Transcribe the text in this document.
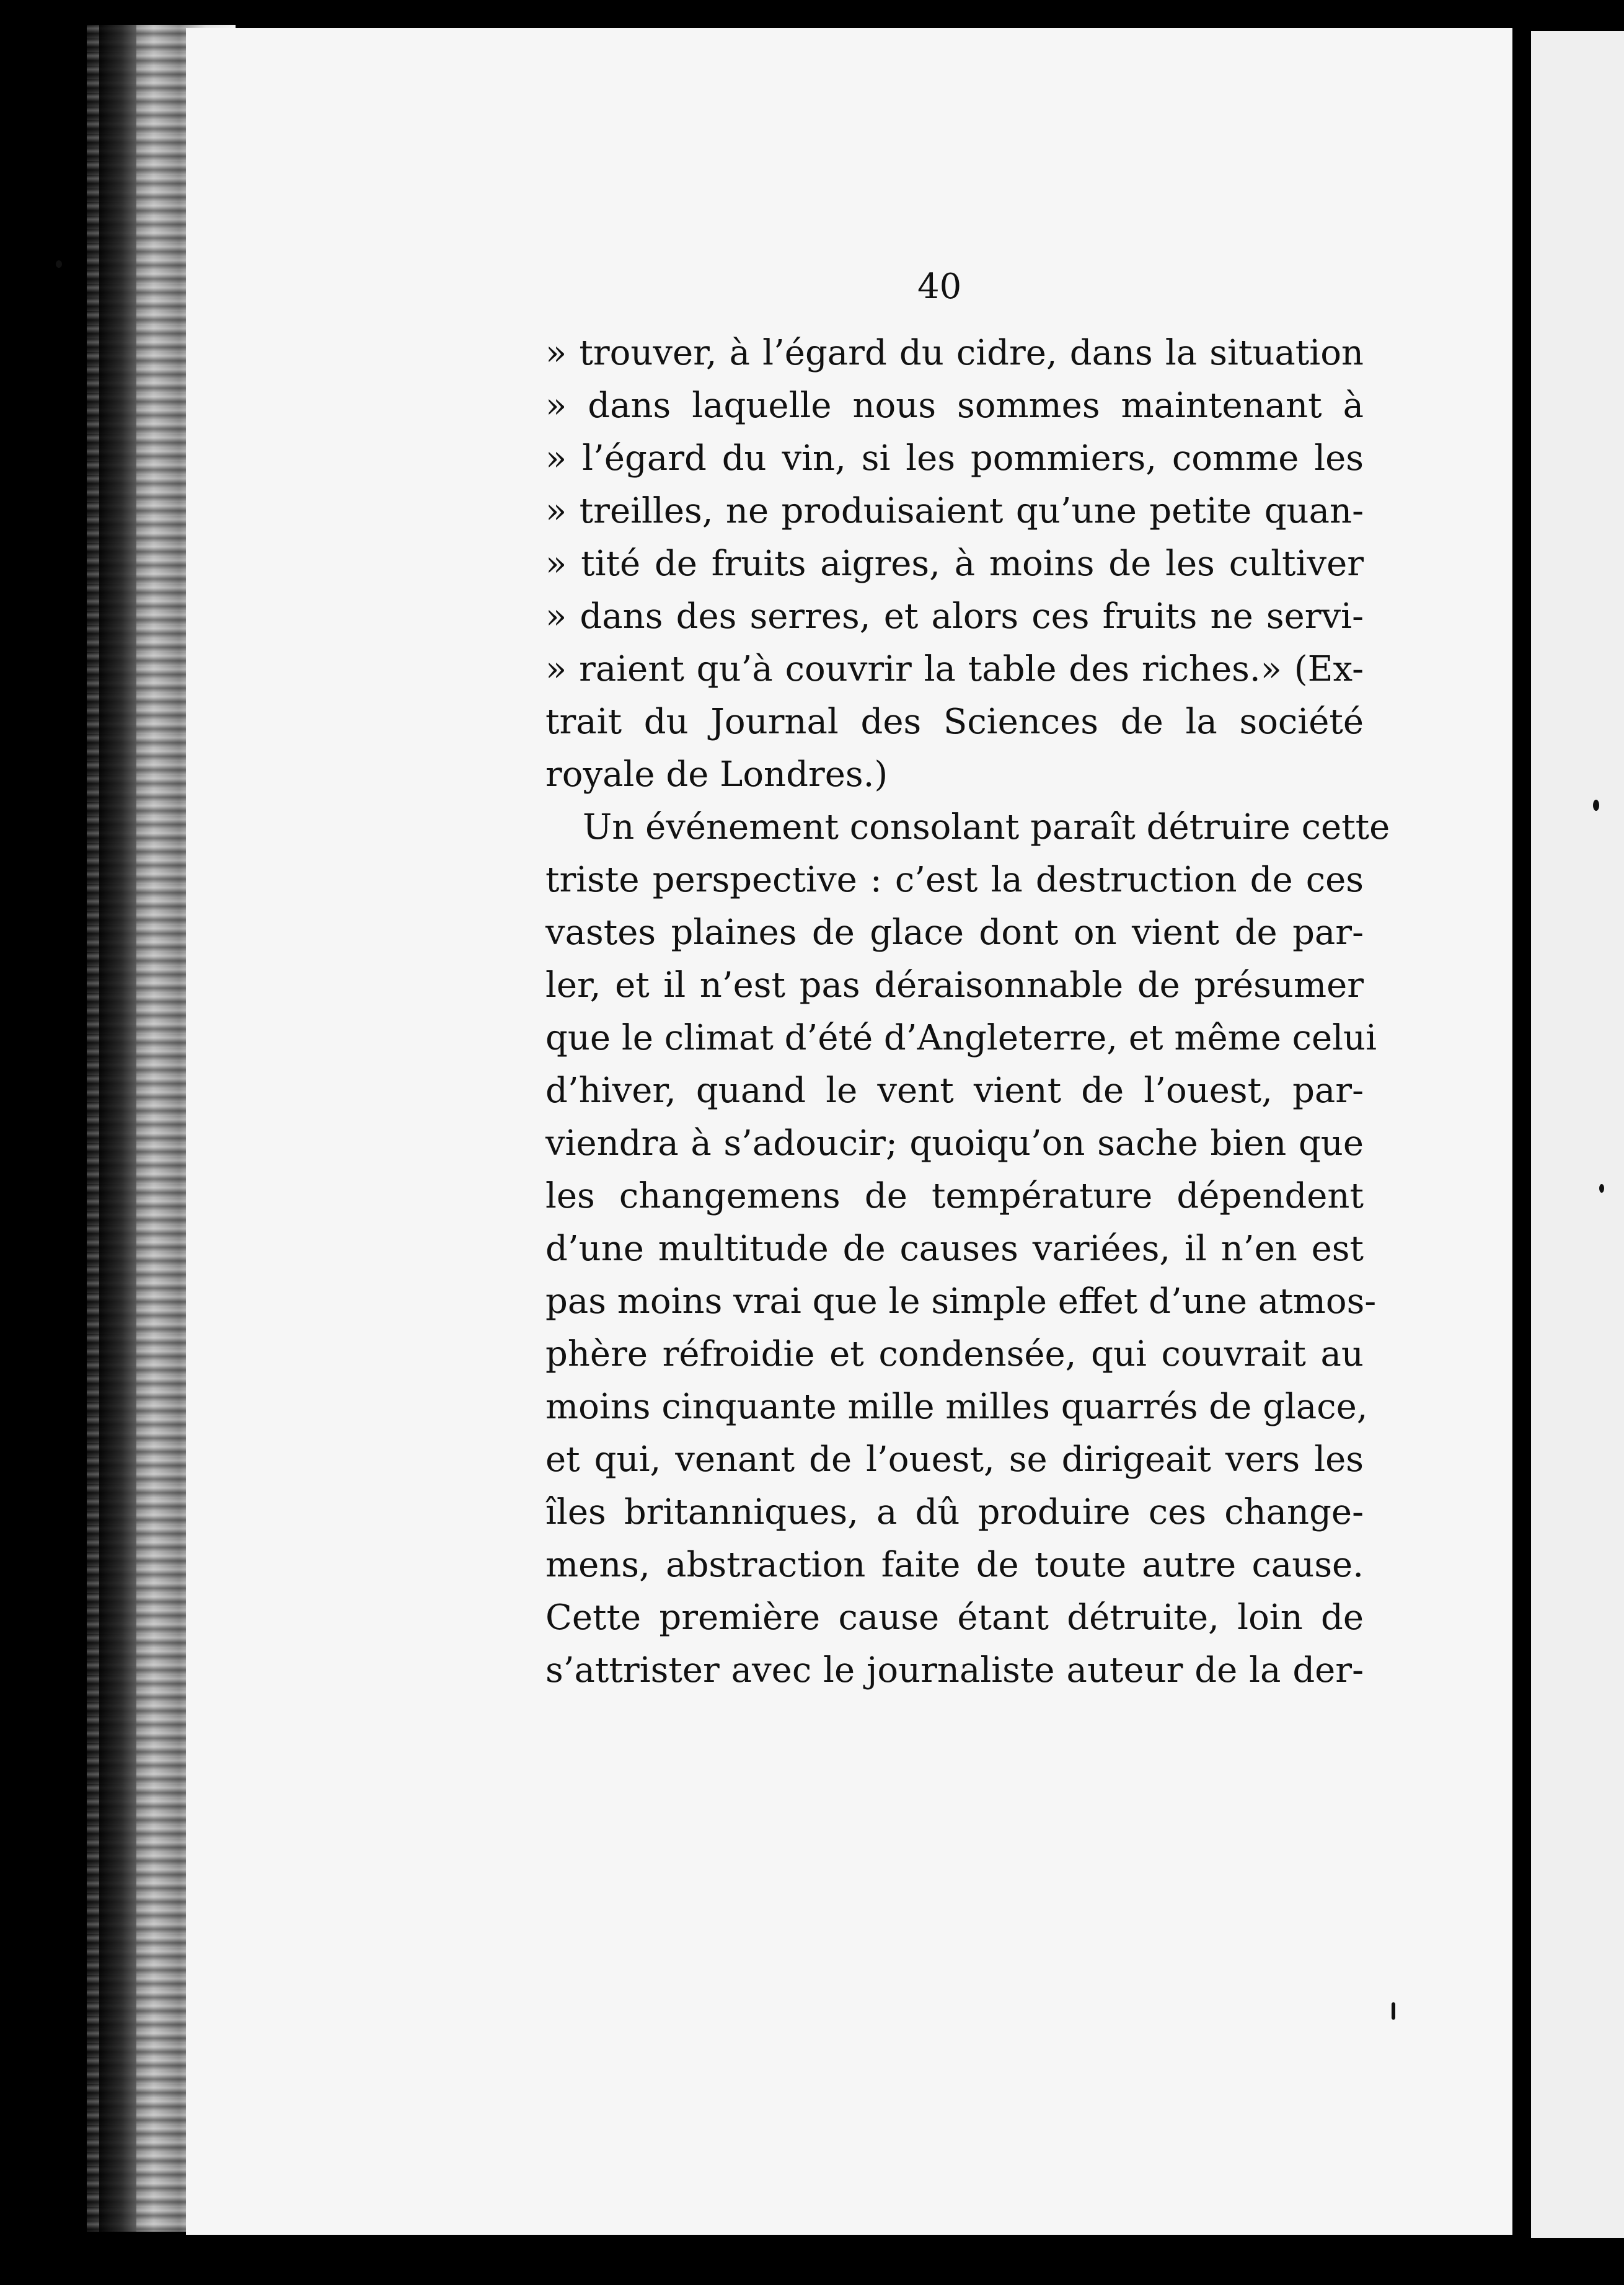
40

» trouver, à l’égard du cidre, dans la situation

» dans laquelle nous sommes maintenant à

» l’égard du vin, si les pommiers, comme les

» treilles, ne produisaient qu’une petite quan-

» tité de fruits aigres, à moins de les cultiver

» dans des serres, et alors ces fruits ne servi-

» raient qu’à couvrir la table des riches.» (Ex-

trait du Journal des Sciences de la société

royale de Londres.)

Un événement consolant paraît détruire cette

triste perspective : c’est la destruction de ces

vastes plaines de glace dont on vient de par-

ler, et il n’est pas déraisonnable de présumer

que le climat d’été d’Angleterre, et même celui

d’hiver, quand le vent vient de l’ouest, par-

viendra à s’adoucir; quoiqu’on sache bien que

les changemens de température dépendent

d’une multitude de causes variées, il n’en est

pas moins vrai que le simple effet d’une atmos-

phère réfroidie et condensée, qui couvrait au

moins cinquante mille milles quarrés de glace,

et qui, venant de l’ouest, se dirigeait vers les

îles britanniques, a dû produire ces change-

mens, abstraction faite de toute autre cause.

Cette première cause étant détruite, loin de

s’attrister avec le journaliste auteur de la der-
